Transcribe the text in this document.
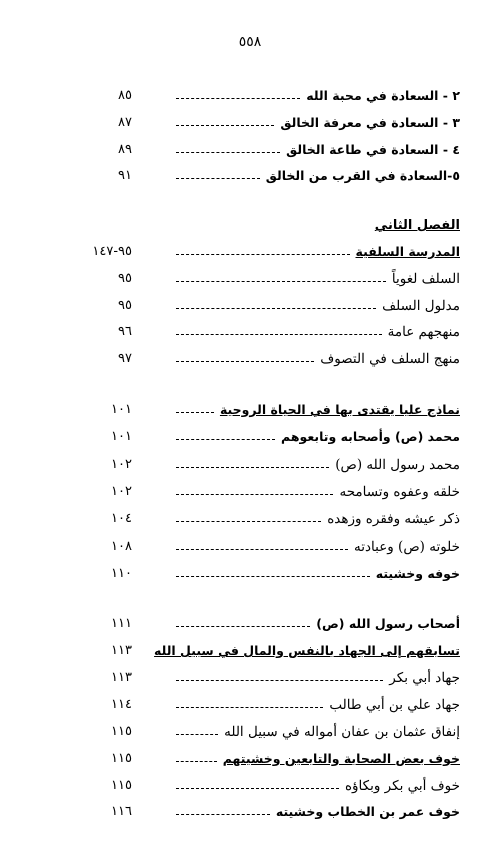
٥٥٨
٢ - السعادة في محبة الله
٨٥
٣ - السعادة في معرفة الخالق
٨٧
٤ - السعادة في طاعة الخالق
٨٩
٥-السعادة في القرب من الخالق
٩١
الفصل الثاني
المدرسة السلفية
٩٥-١٤٧
السلف لغوياً
٩٥
مدلول السلف
٩٥
منهجهم عامة
٩٦
منهج السلف في التصوف
٩٧
نماذج عليا يقتدى بها في الحياة الروحية
١٠١
محمد (ص) وأصحابه وتابعوهم
١٠١
محمد رسول الله (ص)
١٠٢
خلقه وعفوه وتسامحه
١٠٢
ذكر عيشه وفقره وزهده
١٠٤
خلوته (ص) وعبادته
١٠٨
خوفه وخشيته
١١٠
أصحاب رسول الله (ص)
١١١
تسابقهم إلى الجهاد بالنفس والمال في سبيل الله
١١٣
جهاد أبي بكر
١١٣
جهاد علي بن أبي طالب
١١٤
إنفاق عثمان بن عفان أمواله في سبيل الله
١١٥
خوف بعض الصحابة والتابعين وخشيتهم
١١٥
خوف أبي بكر وبكاؤه
١١٥
خوف عمر بن الخطاب وخشيته
١١٦
